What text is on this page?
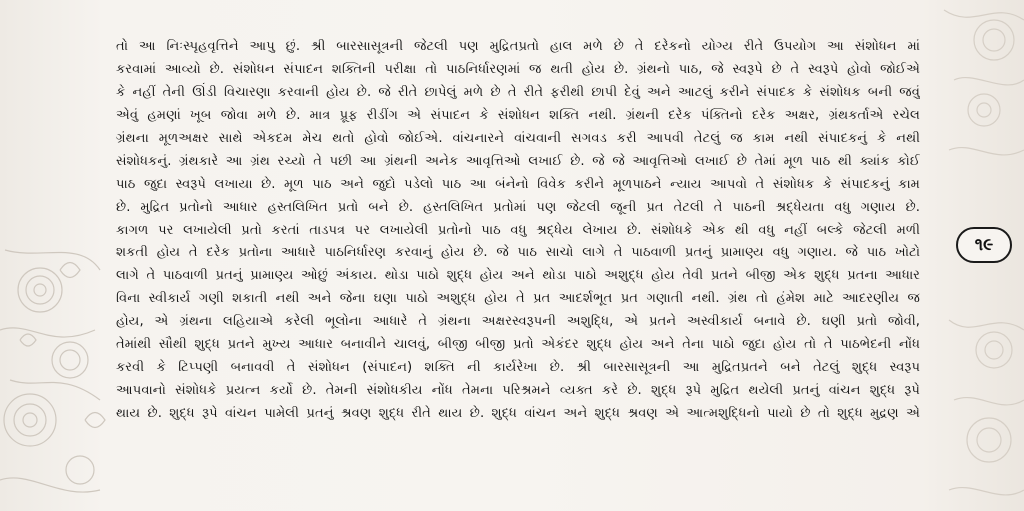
તો આ નિઃસ્પૃહવૃત્તિને આપુ છું. શ્રી બારસાસૂત્રની જેટલી પણ મુદ્રિતપ્રતો હાલ મળે છે તે દરેકનો યોગ્ય રીતે ઉપયોગ આ સંશોધન માં
કરવામાં આવ્યો છે. સંશોધન સંપાદન શક્તિની પરીક્ષા તો પાઠનિર્ધારણમાં જ થતી હોય છે. ગ્રંથનો પાઠ, જે સ્વરૂપે છે તે સ્વરૂપે હોવો જોઈએ
કે નહીં તેની ઊંડી વિચારણા કરવાની હોય છે. જે રીતે છાપેલું મળે છે તે રીતે ફરીથી છાપી દેવું અને આટલું કરીને સંપાદક કે સંશોધક બની જવું
એવું હમણાં ખૂબ જોવા મળે છે. માત્ર પ્રૂફ રીડીંગ એ સંપાદન કે સંશોધન શક્તિ નથી. ગ્રંથની દરેક પંક્તિનો દરેક અક્ષર, ગ્રંથકર્તાએ રચેલ
ગ્રંથના મૂળઅક્ષર સાથે એકદમ મેચ થતો હોવો જોઈએ. વાંચનારને વાંચવાની સગવડ કરી આપવી તેટલું જ કામ નથી સંપાદકનું કે નથી
સંશોધકનું. ગ્રંથકારે આ ગ્રંથ રચ્યો તે પછી આ ગ્રંથની અનેક આવૃત્તિઓ લખાઈ છે. જે જે આવૃત્તિઓ લખાઈ છે તેમાં મૂળ પાઠ થી ક્યાંક કોઈ
પાઠ જુદા સ્વરૂપે લખાયા છે. મૂળ પાઠ અને જુદો પડેલો પાઠ આ બંનેનો વિવેક કરીને મૂળપાઠને ન્યાય આપવો તે સંશોધક કે સંપાદકનું કામ
છે. મુદ્રિત પ્રતોનો આધાર હસ્તલિખિત પ્રતો બને છે. હસ્તલિખિત પ્રતોમાં પણ જેટલી જૂની પ્રત તેટલી તે પાઠની શ્રદ્ધેયતા વધુ ગણાય છે.
કાગળ પર લખાયેલી પ્રતો કરતાં તાડપત્ર પર લખાયેલી પ્રતોનો પાઠ વધુ શ્રદ્ધેય લેખાય છે. સંશોધકે એક થી વધુ નહીં બલ્કે જેટલી મળી
શકતી હોય તે દરેક પ્રતોના આધારે પાઠનિર્ધારણ કરવાનું હોય છે. જે પાઠ સાચો લાગે તે પાઠવાળી પ્રતનું પ્રામાણ્ય વધુ ગણાય. જે પાઠ ખોટો
લાગે તે પાઠવાળી પ્રતનું પ્રામાણ્ય ઓછું અંકાય. થોડા પાઠો શુદ્ધ હોય અને થોડા પાઠો અશુદ્ધ હોય તેવી પ્રતને બીજી એક શુદ્ધ પ્રતના આધાર
વિના સ્વીકાર્ય ગણી શકાતી નથી અને જેના ઘણા પાઠો અશુદ્ધ હોય તે પ્રત આદર્શભૂત પ્રત ગણાતી નથી. ગ્રંથ તો હંમેશ માટે આદરણીય જ
હોય, એ ગ્રંથના લહિયાએ કરેલી ભૂલોના આધારે તે ગ્રંથના અક્ષરસ્વરૂપની અશુદ્ધિ, એ પ્રતને અસ્વીકાર્ય બનાવે છે. ઘણી પ્રતો જોવી,
તેમાંથી સૌથી શુદ્ધ પ્રતને મુખ્ય આધાર બનાવીને ચાલવું, બીજી બીજી પ્રતો એકંદર શુદ્ધ હોય અને તેના પાઠો જુદા હોય તો તે પાઠભેદની નોંધ
કરવી કે ટિપ્પણી બનાવવી તે સંશોધન (સંપાદન) શક્તિ ની કાર્યરેખા છે. શ્રી બારસાસૂત્રની આ મુદ્રિતપ્રતને બને તેટલું શુદ્ધ સ્વરૂપ
આપવાનો સંશોધકે પ્રયત્ન કર્યો છે. તેમની સંશોધકીય નોંધ તેમના પરિશ્રમને વ્યક્ત કરે છે. શુદ્ધ રૂપે મુદ્રિત થયેલી પ્રતનું વાંચન શુદ્ધ રૂપે
થાય છે. શુદ્ધ રૂપે વાંચન પામેલી પ્રતનું શ્રવણ શુદ્ધ રીતે થાય છે. શુદ્ધ વાંચન અને શુદ્ધ શ્રવણ એ આત્મશુદ્ધિનો પાયો છે તો શુદ્ધ મુદ્રણ એ
૧૯
